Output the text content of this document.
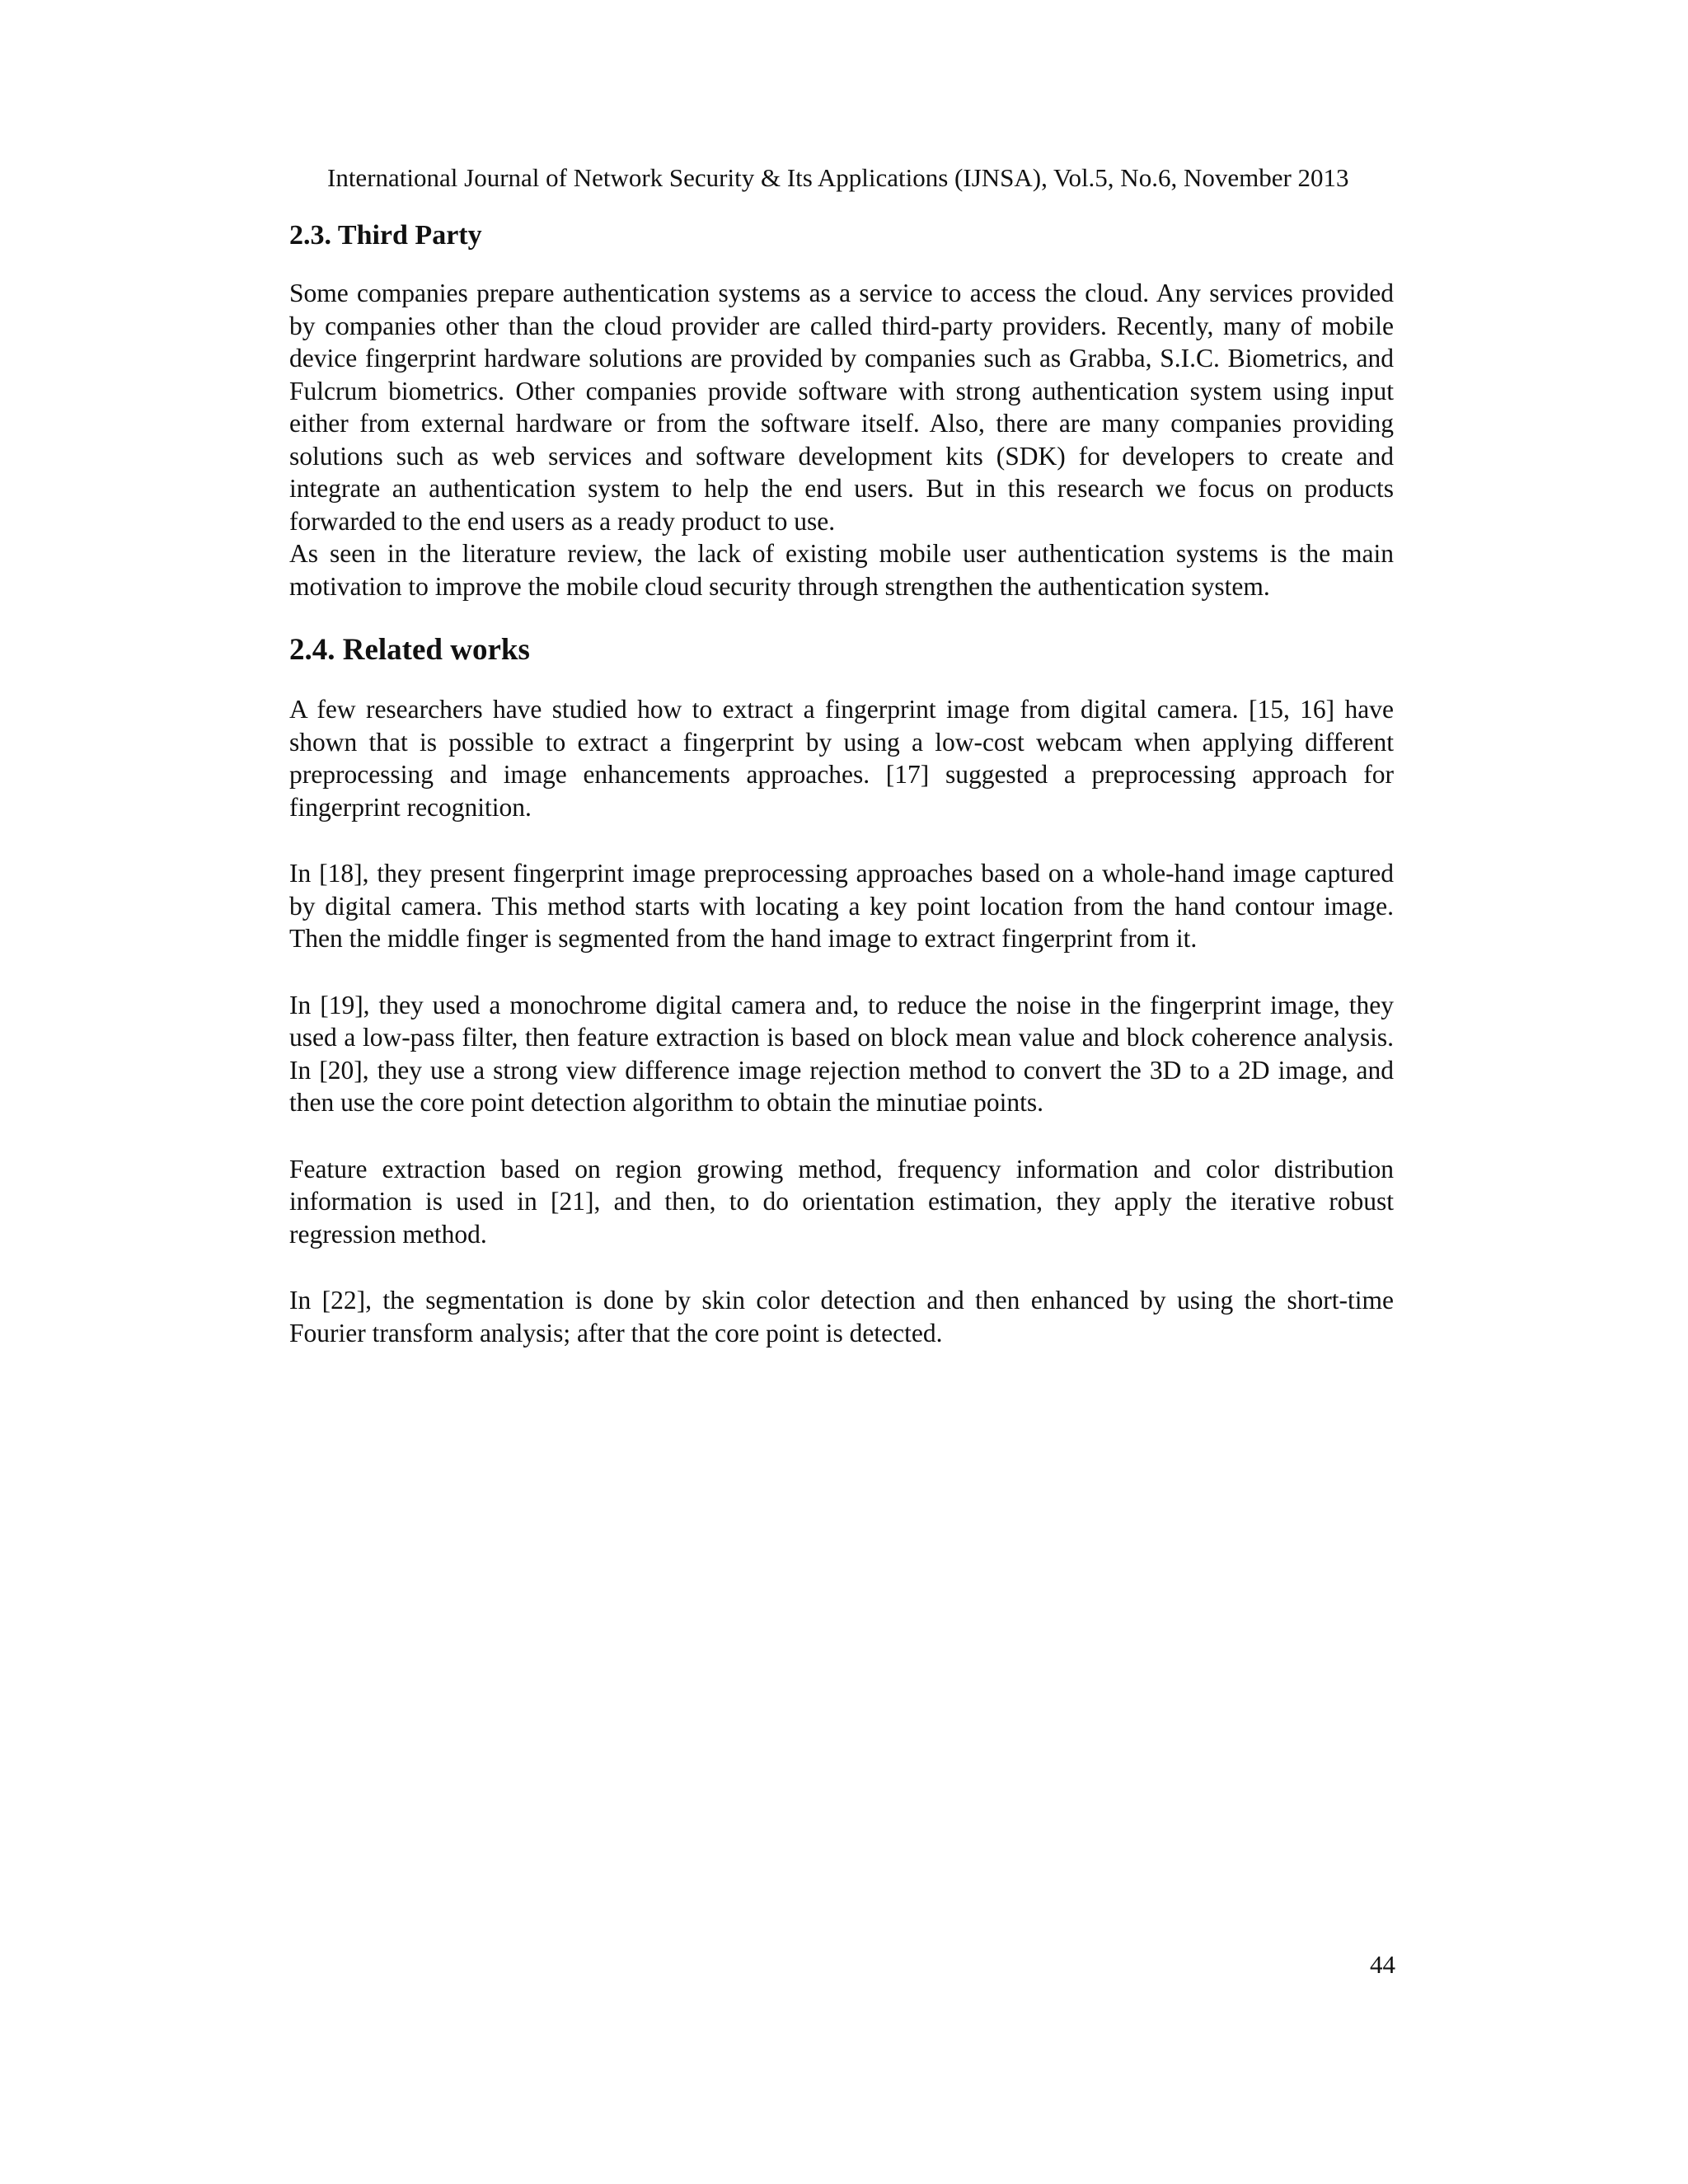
International Journal of Network Security & Its Applications (IJNSA), Vol.5, No.6, November 2013
2.3. Third Party

Some companies prepare authentication systems as a service to access the cloud. Any services provided by companies other than the cloud provider are called third-party providers. Recently, many of mobile device fingerprint hardware solutions are provided by companies such as Grabba, S.I.C. Biometrics, and Fulcrum biometrics. Other companies provide software with strong authentication system using input either from external hardware or from the software itself. Also, there are many companies providing solutions such as web services and software development kits (SDK) for developers to create and integrate an authentication system to help the end users. But in this research we focus on products forwarded to the end users as a ready product to use.

As seen in the literature review, the lack of existing mobile user authentication systems is the main motivation to improve the mobile cloud security through strengthen the authentication system.

2.4. Related works

A few researchers have studied how to extract a fingerprint image from digital camera. [15, 16] have shown that is possible to extract a fingerprint by using a low-cost webcam when applying different preprocessing and image enhancements approaches. [17] suggested a preprocessing approach for fingerprint recognition.

In [18], they present fingerprint image preprocessing approaches based on a whole-hand image captured by digital camera. This method starts with locating a key point location from the hand contour image. Then the middle finger is segmented from the hand image to extract fingerprint from it.

In [19], they used a monochrome digital camera and, to reduce the noise in the fingerprint image, they used a low-pass filter, then feature extraction is based on block mean value and block coherence analysis. In [20], they use a strong view difference image rejection method to convert the 3D to a 2D image, and then use the core point detection algorithm to obtain the minutiae points.

Feature extraction based on region growing method, frequency information and color distribution information is used in [21], and then, to do orientation estimation, they apply the iterative robust regression method.

In [22], the segmentation is done by skin color detection and then enhanced by using the short-time Fourier transform analysis; after that the core point is detected.

44
